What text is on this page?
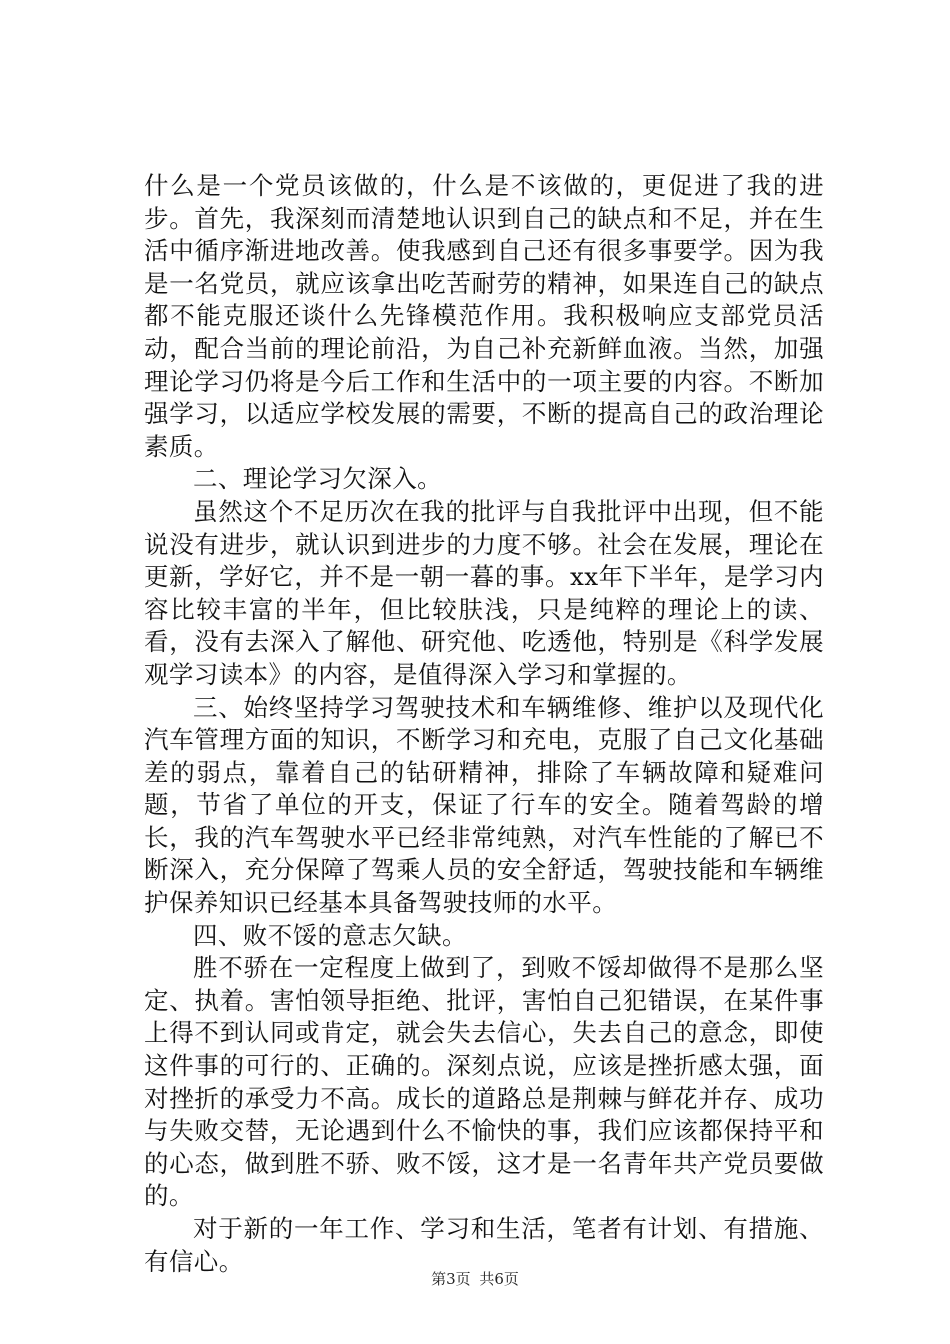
什么是一个党员该做的，什么是不该做的，更促进了我的进步。首先，我深刻而清楚地认识到自己的缺点和不足，并在生活中循序渐进地改善。使我感到自己还有很多事要学。因为我是一名党员，就应该拿出吃苦耐劳的精神，如果连自己的缺点都不能克服还谈什么先锋模范作用。我积极响应支部党员活动，配合当前的理论前沿，为自己补充新鲜血液。当然，加强理论学习仍将是今后工作和生活中的一项主要的内容。不断加强学习，以适应学校发展的需要，不断的提高自己的政治理论素质。

二、理论学习欠深入。

虽然这个不足历次在我的批评与自我批评中出现，但不能说没有进步，就认识到进步的力度不够。社会在发展，理论在更新，学好它，并不是一朝一暮的事。xx年下半年，是学习内容比较丰富的半年，但比较肤浅，只是纯粹的理论上的读、看，没有去深入了解他、研究他、吃透他，特别是《科学发展观学习读本》的内容，是值得深入学习和掌握的。

三、始终坚持学习驾驶技术和车辆维修、维护以及现代化汽车管理方面的知识，不断学习和充电，克服了自己文化基础差的弱点，靠着自己的钻研精神，排除了车辆故障和疑难问题，节省了单位的开支，保证了行车的安全。随着驾龄的增长，我的汽车驾驶水平已经非常纯熟，对汽车性能的了解已不断深入，充分保障了驾乘人员的安全舒适，驾驶技能和车辆维护保养知识已经基本具备驾驶技师的水平。

四、败不馁的意志欠缺。

胜不骄在一定程度上做到了，到败不馁却做得不是那么坚定、执着。害怕领导拒绝、批评，害怕自己犯错误，在某件事上得不到认同或肯定，就会失去信心，失去自己的意念，即使这件事的可行的、正确的。深刻点说，应该是挫折感太强，面对挫折的承受力不高。成长的道路总是荆棘与鲜花并存、成功与失败交替，无论遇到什么不愉快的事，我们应该都保持平和的心态，做到胜不骄、败不馁，这才是一名青年共产党员要做的。

对于新的一年工作、学习和生活，笔者有计划、有措施、有信心。

第3页 共6页
